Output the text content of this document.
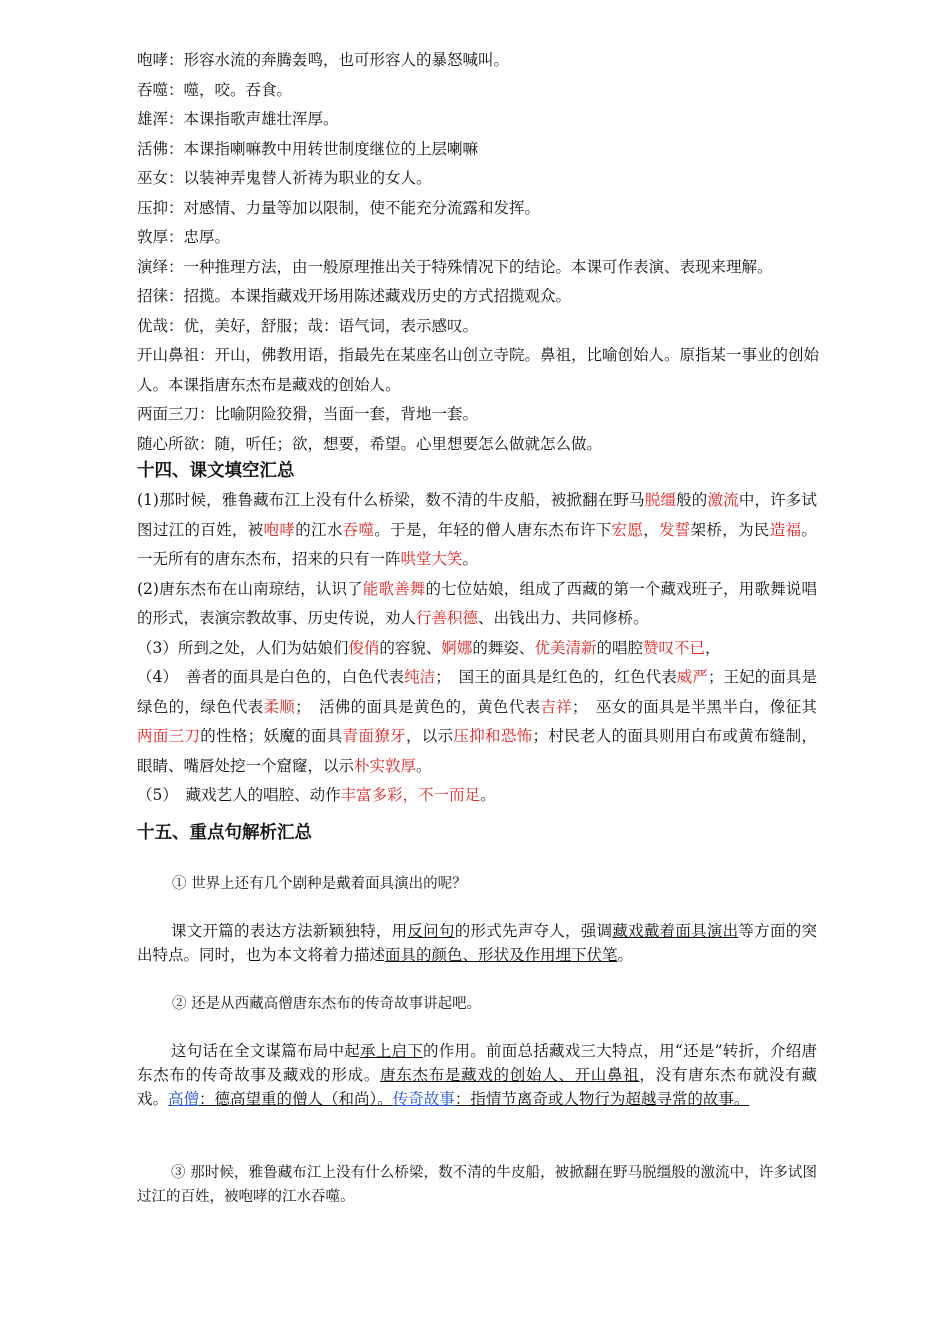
咆哮：形容水流的奔腾轰鸣，也可形容人的暴怒喊叫。

吞噬：噬，咬。吞食。

雄浑：本课指歌声雄壮浑厚。

活佛：本课指喇嘛教中用转世制度继位的上层喇嘛

巫女：以装神弄鬼替人祈祷为职业的女人。

压抑：对感情、力量等加以限制，使不能充分流露和发挥。

敦厚：忠厚。

演绎：一种推理方法，由一般原理推出关于特殊情况下的结论。本课可作表演、表现来理解。

招徕：招揽。本课指藏戏开场用陈述藏戏历史的方式招揽观众。

优哉：优，美好，舒服；哉：语气词，表示感叹。

开山鼻祖：开山，佛教用语，指最先在某座名山创立寺院。鼻祖，比喻创始人。原指某一事业的创始人。本课指唐东杰布是藏戏的创始人。

两面三刀：比喻阴险狡猾，当面一套，背地一套。

随心所欲：随，听任；欲，想要，希望。心里想要怎么做就怎么做。

十四、课文填空汇总

(1)那时候，雅鲁藏布江上没有什么桥梁，数不清的牛皮船，被掀翻在野马脱缰般的激流中，许多试图过江的百姓，被咆哮的江水吞噬。于是，年轻的僧人唐东杰布许下宏愿，发誓架桥，为民造福。一无所有的唐东杰布，招来的只有一阵哄堂大笑。

(2)唐东杰布在山南琼结，认识了能歌善舞的七位姑娘，组成了西藏的第一个藏戏班子，用歌舞说唱的形式，表演宗教故事、历史传说，劝人行善积德、出钱出力、共同修桥。

（3）所到之处，人们为姑娘们俊俏的容貌、婀娜的舞姿、优美清新的唱腔赞叹不已，

（4）　善者的面具是白色的，白色代表纯洁；　国王的面具是红色的，红色代表威严；王妃的面具是绿色的，绿色代表柔顺；　活佛的面具是黄色的，黄色代表吉祥；　巫女的面具是半黑半白，像征其两面三刀的性格；妖魔的面具青面獠牙，以示压抑和恐怖；村民老人的面具则用白布或黄布缝制，眼睛、嘴唇处挖一个窟窿，以示朴实敦厚。

（5）　藏戏艺人的唱腔、动作丰富多彩，不一而足。

十五、重点句解析汇总

① 世界上还有几个剧种是戴着面具演出的呢？

课文开篇的表达方法新颖独特，用反问句的形式先声夺人，强调藏戏戴着面具演出等方面的突出特点。同时，也为本文将着力描述面具的颜色、形状及作用埋下伏笔。

② 还是从西藏高僧唐东杰布的传奇故事讲起吧。

这句话在全文谋篇布局中起承上启下的作用。前面总括藏戏三大特点，用“还是”转折，介绍唐东杰布的传奇故事及藏戏的形成。唐东杰布是藏戏的创始人、开山鼻祖，没有唐东杰布就没有藏戏。高僧：德高望重的僧人（和尚）。传奇故事：指情节离奇或人物行为超越寻常的故事。

③ 那时候，雅鲁藏布江上没有什么桥梁，数不清的牛皮船，被掀翻在野马脱缰般的激流中，许多试图过江的百姓，被咆哮的江水吞噬。
